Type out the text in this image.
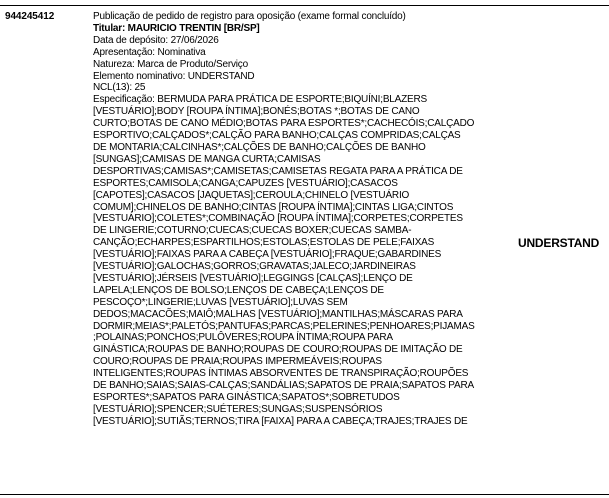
944245412	Publicação de pedido de registro para oposição (exame formal concluído)
Titular: MAURICIO TRENTIN [BR/SP]
Data de depósito: 27/06/2026
Apresentação: Nominativa
Natureza: Marca de Produto/Serviço
Elemento nominativo: UNDERSTAND
NCL(13): 25
Especificação: BERMUDA PARA PRÁTICA DE ESPORTE;BIQUÍNI;BLAZERS
[VESTUÁRIO];BODY [ROUPA ÍNTIMA];BONÉS;BOTAS *;BOTAS DE CANO
CURTO;BOTAS DE CANO MÉDIO;BOTAS PARA ESPORTES*;CACHECÓIS;CALÇADO
ESPORTIVO;CALÇADOS*;CALÇÃO PARA BANHO;CALÇAS COMPRIDAS;CALÇAS
DE MONTARIA;CALCINHAS*;CALÇÕES DE BANHO;CALÇÕES DE BANHO
[SUNGAS];CAMISAS DE MANGA CURTA;CAMISAS
DESPORTIVAS;CAMISAS*;CAMISETAS;CAMISETAS REGATA PARA A PRÁTICA DE
ESPORTES;CAMISOLA;CANGA;CAPUZES [VESTUÁRIO];CASACOS
[CAPOTES];CASACOS [JAQUETAS];CEROULA;CHINELO [VESTUÁRIO
COMUM];CHINELOS DE BANHO;CINTAS [ROUPA ÍNTIMA];CINTAS LIGA;CINTOS
[VESTUÁRIO];COLETES*;COMBINAÇÃO [ROUPA ÍNTIMA];CORPETES;CORPETES
DE LINGERIE;COTURNO;CUECAS;CUECAS BOXER;CUECAS SAMBA-
CANÇÃO;ECHARPES;ESPARTILHOS;ESTOLAS;ESTOLAS DE PELE;FAIXAS
[VESTUÁRIO];FAIXAS PARA A CABEÇA [VESTUÁRIO];FRAQUE;GABARDINES
[VESTUÁRIO];GALOCHAS;GORROS;GRAVATAS;JALECO;JARDINEIRAS
[VESTUÁRIO];JÉRSEIS [VESTUÁRIO];LEGGINGS [CALÇAS];LENÇO DE
LAPELA;LENÇOS DE BOLSO;LENÇOS DE CABEÇA;LENÇOS DE
PESCOÇO*;LINGERIE;LUVAS [VESTUÁRIO];LUVAS SEM
DEDOS;MACACÕES;MAIÔ;MALHAS [VESTUÁRIO];MANTILHAS;MÁSCARAS PARA
DORMIR;MEIAS*;PALETÓS;PANTUFAS;PARCAS;PELERINES;PENHOARES;PIJAMAS
;POLAINAS;PONCHOS;PULÔVERES;ROUPA ÍNTIMA;ROUPA PARA
GINÁSTICA;ROUPAS DE BANHO;ROUPAS DE COURO;ROUPAS DE IMITAÇÃO DE
COURO;ROUPAS DE PRAIA;ROUPAS IMPERMEÁVEIS;ROUPAS
INTELIGENTES;ROUPAS ÍNTIMAS ABSORVENTES DE TRANSPIRAÇÃO;ROUPÕES
DE BANHO;SAIAS;SAIAS-CALÇAS;SANDÁLIAS;SAPATOS DE PRAIA;SAPATOS PARA
ESPORTES*;SAPATOS PARA GINÁSTICA;SAPATOS*;SOBRETUDOS
[VESTUÁRIO];SPENCER;SUÉTERES;SUNGAS;SUSPENSÓRIOS
[VESTUÁRIO];SUTIÃS;TERNOS;TIRA [FAIXA] PARA A CABEÇA;TRAJES;TRAJES DE
UNDERSTAND
